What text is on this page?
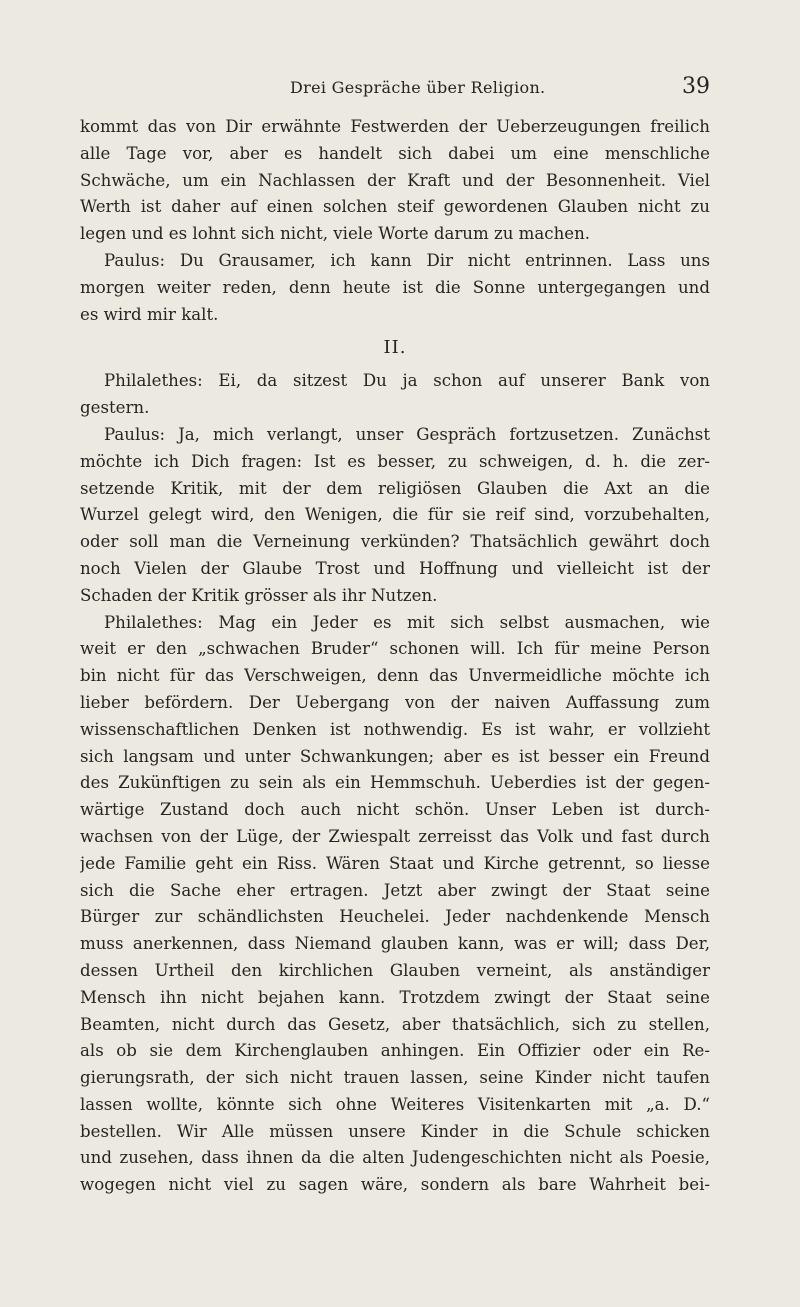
Drei Gespräche über Religion.	39
kommt das von Dir erwähnte Festwerden der Ueberzeugungen freilich
alle Tage vor, aber es handelt sich dabei um eine menschliche
Schwäche, um ein Nachlassen der Kraft und der Besonnenheit. Viel
Werth ist daher auf einen solchen steif gewordenen Glauben nicht zu
legen und es lohnt sich nicht, viele Worte darum zu machen.
Paulus: Du Grausamer, ich kann Dir nicht entrinnen. Lass uns
morgen weiter reden, denn heute ist die Sonne untergegangen und
es wird mir kalt.
II.
Philalethes: Ei, da sitzest Du ja schon auf unserer Bank von
gestern.
Paulus: Ja, mich verlangt, unser Gespräch fortzusetzen. Zunächst
möchte ich Dich fragen: Ist es besser, zu schweigen, d. h. die zer-
setzende Kritik, mit der dem religiösen Glauben die Axt an die
Wurzel gelegt wird, den Wenigen, die für sie reif sind, vorzubehalten,
oder soll man die Verneinung verkünden? Thatsächlich gewährt doch
noch Vielen der Glaube Trost und Hoffnung und vielleicht ist der
Schaden der Kritik grösser als ihr Nutzen.
Philalethes: Mag ein Jeder es mit sich selbst ausmachen, wie
weit er den „schwachen Bruder“ schonen will. Ich für meine Person
bin nicht für das Verschweigen, denn das Unvermeidliche möchte ich
lieber befördern. Der Uebergang von der naiven Auffassung zum
wissenschaftlichen Denken ist nothwendig. Es ist wahr, er vollzieht
sich langsam und unter Schwankungen; aber es ist besser ein Freund
des Zukünftigen zu sein als ein Hemmschuh. Ueberdies ist der gegen-
wärtige Zustand doch auch nicht schön. Unser Leben ist durch-
wachsen von der Lüge, der Zwiespalt zerreisst das Volk und fast durch
jede Familie geht ein Riss. Wären Staat und Kirche getrennt, so liesse
sich die Sache eher ertragen. Jetzt aber zwingt der Staat seine
Bürger zur schändlichsten Heuchelei. Jeder nachdenkende Mensch
muss anerkennen, dass Niemand glauben kann, was er will; dass Der,
dessen Urtheil den kirchlichen Glauben verneint, als anständiger
Mensch ihn nicht bejahen kann. Trotzdem zwingt der Staat seine
Beamten, nicht durch das Gesetz, aber thatsächlich, sich zu stellen,
als ob sie dem Kirchenglauben anhingen. Ein Offizier oder ein Re-
gierungsrath, der sich nicht trauen lassen, seine Kinder nicht taufen
lassen wollte, könnte sich ohne Weiteres Visitenkarten mit „a. D.“
bestellen. Wir Alle müssen unsere Kinder in die Schule schicken
und zusehen, dass ihnen da die alten Judengeschichten nicht als Poesie,
wogegen nicht viel zu sagen wäre, sondern als bare Wahrheit bei-
